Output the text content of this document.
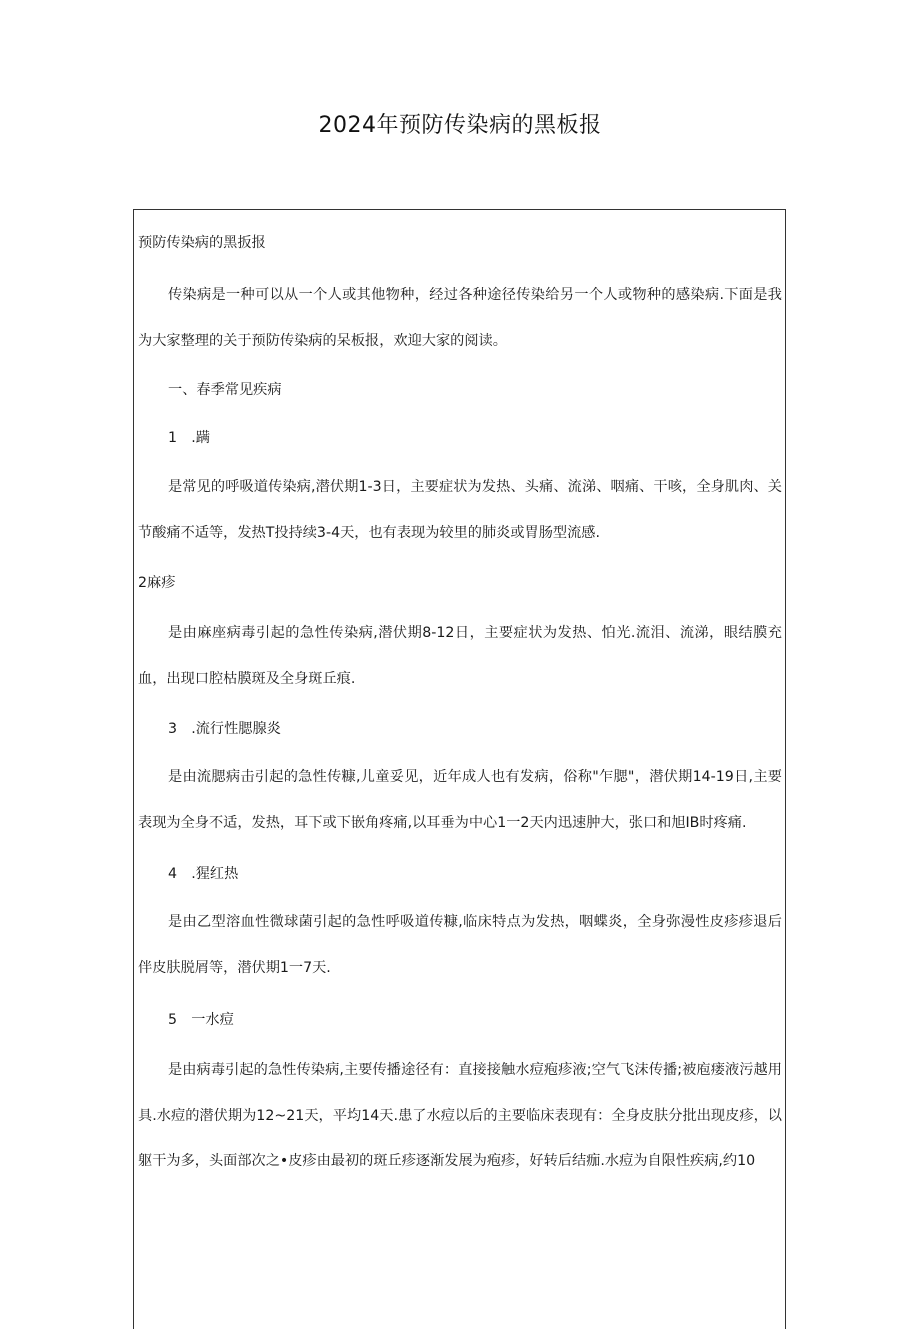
2024年预防传染病的黑板报
预防传染病的黑扳报
传染病是一种可以从一个人或其他物种，经过各种途径传染给另一个人或物种的感染病.下面是我为大家整理的关于预防传染病的呆板报，欢迎大家的阅读。
一、春季常见疾病
1　.蹒
是常见的呼吸道传染病,潜伏期1-3日，主要症状为发热、头痛、流涕、咽痛、干咳，全身肌肉、关节酸痛不适等，发热T投持续3-4天，也有表现为较里的肺炎或胃肠型流感.
2麻疹
是由麻座病毒引起的急性传染病,潜伏期8-12日，主要症状为发热、怕光.流泪、流涕，眼结膜充血，出现口腔枯膜斑及全身斑丘痕.
3　.流行性腮腺炎
是由流腮病击引起的急性传糠,儿童妥见，近年成人也有发病，俗称"乍腮"，潜伏期14-19日,主要表现为全身不适，发热，耳下或下嵌角疼痛,以耳垂为中心1一2天内迅速肿大，张口和旭IB时疼痛.
4　.猩红热
是由乙型溶血性微球菌引起的急性呼吸道传糠,临床特点为发热，咽蝶炎，全身弥漫性皮疹疹退后伴皮肤脱屑等，潜伏期1一7天.
5　一水痘
是由病毒引起的急性传染病,主要传播途径有：直接接触水痘疱疹液;空气飞沫传播;被庖瘘液污越用具.水痘的潜伏期为12~21天，平均14天.患了水痘以后的主要临床表现有：全身皮肤分批出现皮疹，以躯干为多，头面部次之•皮疹由最初的斑丘疹逐渐发展为疱疹，好转后结痂.水痘为自限性疾病,约10
